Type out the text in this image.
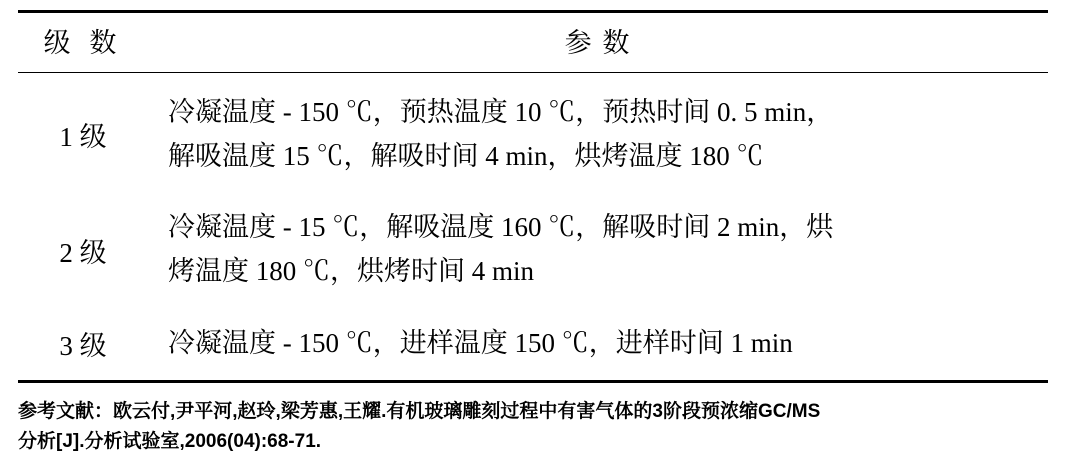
级 数	参 数
1 级	冷凝温度 - 150 ℃，预热温度 10 ℃，预热时间 0. 5 min，
解吸温度 15 ℃，解吸时间 4 min，烘烤温度 180 ℃

2 级	冷凝温度 - 15 ℃，解吸温度 160 ℃，解吸时间 2 min，烘
烤温度 180 ℃，烘烤时间 4 min

3 级	冷凝温度 - 150 ℃，进样温度 150 ℃，进样时间 1 min
参考文献：欧云付,尹平河,赵玲,梁芳惠,王耀.有机玻璃雕刻过程中有害气体的3阶段预浓缩GC/MS
分析[J].分析试验室,2006(04):68-71.
